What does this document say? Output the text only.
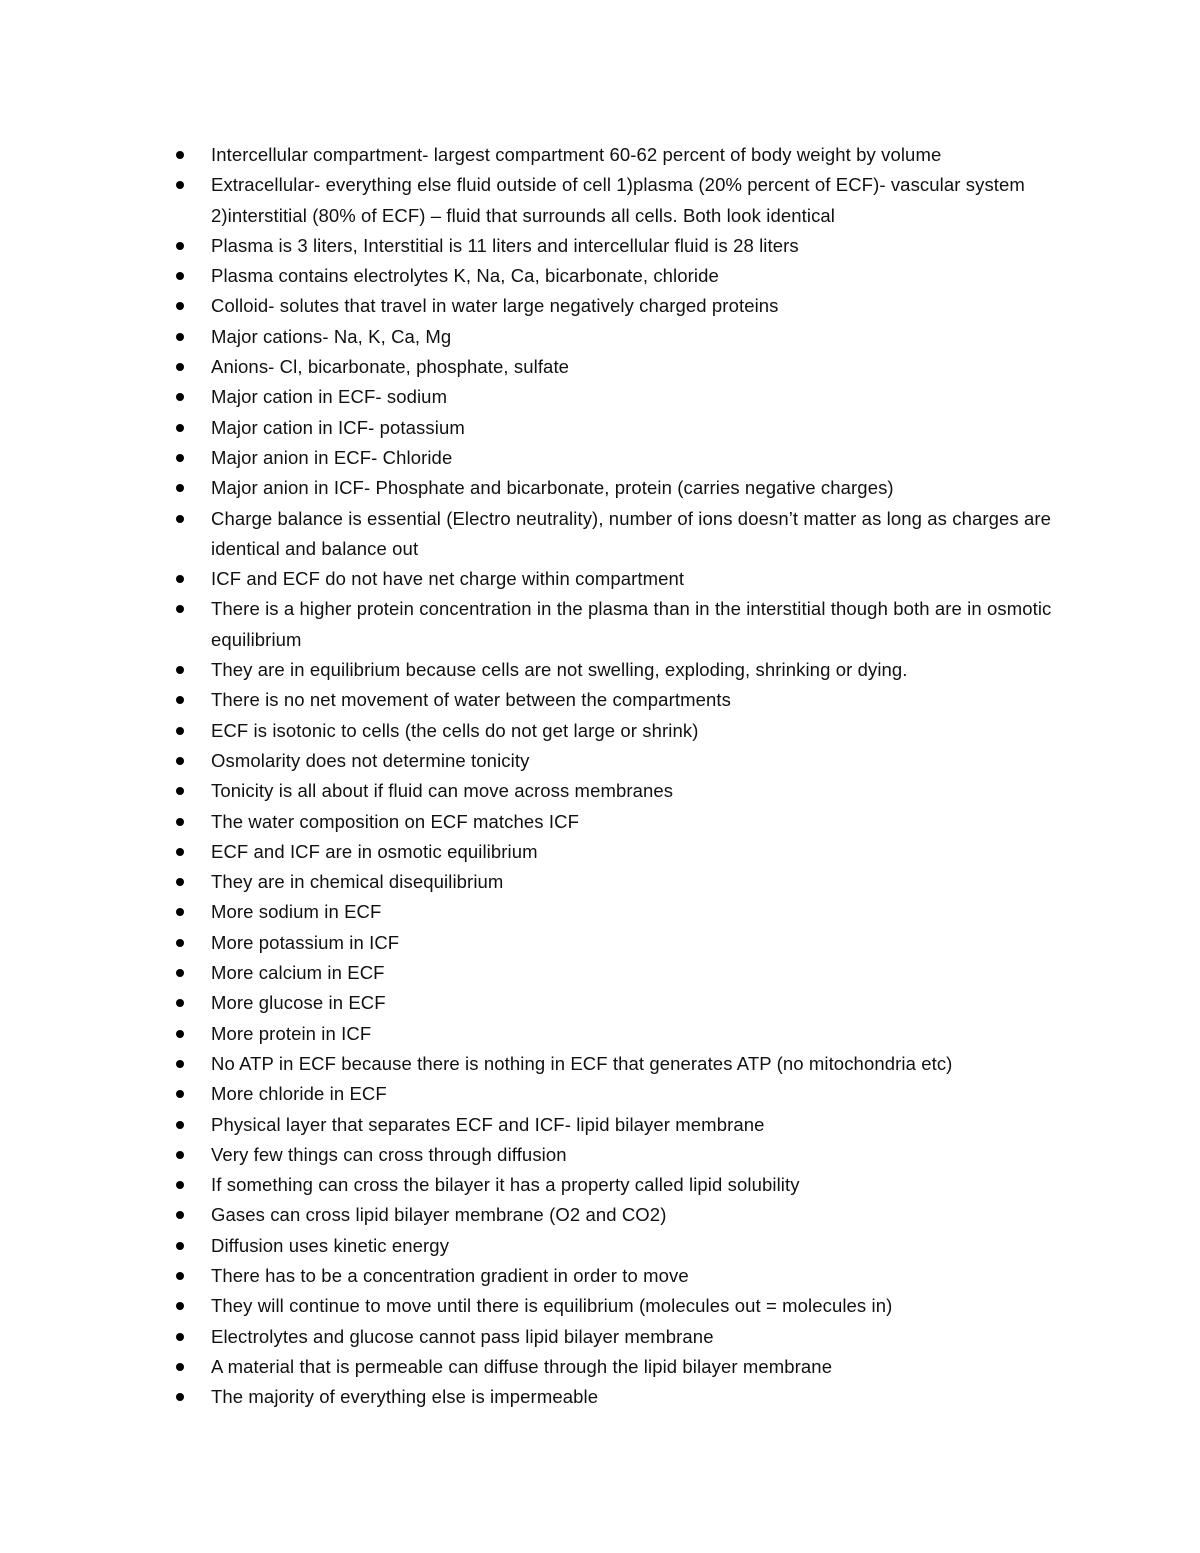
Intercellular compartment- largest compartment 60-62 percent of body weight by volume
Extracellular- everything else fluid outside of cell 1)plasma (20% percent of ECF)- vascular system 2)interstitial (80% of ECF) – fluid that surrounds all cells. Both look identical
Plasma is 3 liters, Interstitial is 11 liters and intercellular fluid is 28 liters
Plasma contains electrolytes K, Na, Ca, bicarbonate, chloride
Colloid- solutes that travel in water large negatively charged proteins
Major cations- Na, K, Ca, Mg
Anions- Cl, bicarbonate, phosphate, sulfate
Major cation in ECF- sodium
Major cation in ICF- potassium
Major anion in ECF- Chloride
Major anion in ICF- Phosphate and bicarbonate, protein (carries negative charges)
Charge balance is essential (Electro neutrality), number of ions doesn’t matter as long as charges are identical and balance out
ICF and ECF do not have net charge within compartment
There is a higher protein concentration in the plasma than in the interstitial though both are in osmotic equilibrium
They are in equilibrium because cells are not swelling, exploding, shrinking or dying.
There is no net movement of water between the compartments
ECF is isotonic to cells (the cells do not get large or shrink)
Osmolarity does not determine tonicity
Tonicity is all about if fluid can move across membranes
The water composition on ECF matches ICF
ECF and ICF are in osmotic equilibrium
They are in chemical disequilibrium
More sodium in ECF
More potassium in ICF
More calcium in ECF
More glucose in ECF
More protein in ICF
No ATP in ECF because there is nothing in ECF that generates ATP (no mitochondria etc)
More chloride in ECF
Physical layer that separates ECF and ICF- lipid bilayer membrane
Very few things can cross through diffusion
If something can cross the bilayer it has a property called lipid solubility
Gases can cross lipid bilayer membrane (O2 and CO2)
Diffusion uses kinetic energy
There has to be a concentration gradient in order to move
They will continue to move until there is equilibrium (molecules out = molecules in)
Electrolytes and glucose cannot pass lipid bilayer membrane
A material that is permeable can diffuse through the lipid bilayer membrane
The majority of everything else is impermeable
